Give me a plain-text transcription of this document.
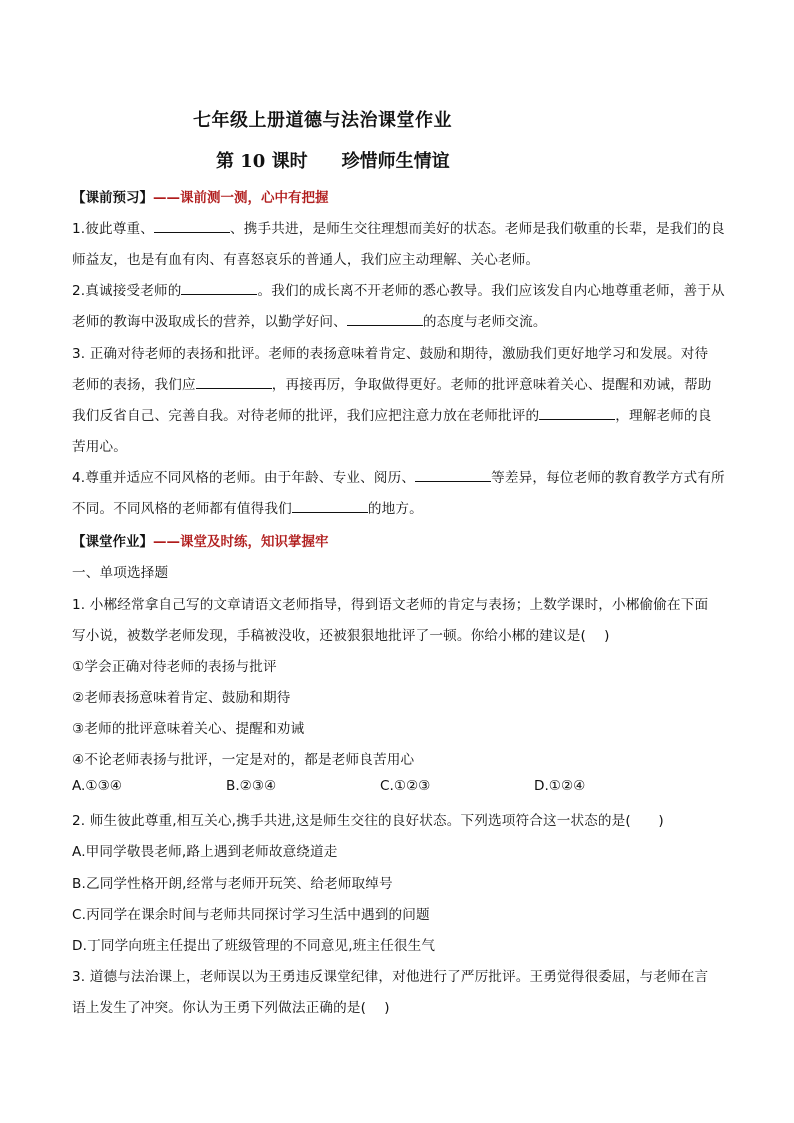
七年级上册道德与法治课堂作业
第 10 课时 珍惜师生情谊
【课前预习】——课前测一测，心中有把握
1.彼此尊重、	、携手共进，是师生交往理想而美好的状态。老师是我们敬重的长辈，是我们的良
师益友，也是有血有肉、有喜怒哀乐的普通人，我们应主动理解、关心老师。
2.真诚接受老师的	。我们的成长离不开老师的悉心教导。我们应该发自内心地尊重老师，善于从
老师的教诲中汲取成长的营养，以勤学好问、	的态度与老师交流。
3. 正确对待老师的表扬和批评。老师的表扬意味着肯定、鼓励和期待，激励我们更好地学习和发展。对待
老师的表扬，我们应	，再接再厉，争取做得更好。老师的批评意味着关心、提醒和劝诫，帮助
我们反省自己、完善自我。对待老师的批评，我们应把注意力放在老师批评的	，理解老师的良
苦用心。
4.尊重并适应不同风格的老师。由于年龄、专业、阅历、	等差异，每位老师的教育教学方式有所
不同。不同风格的老师都有值得我们	的地方。
【课堂作业】——课堂及时练，知识掌握牢
一、单项选择题
1. 小郴经常拿自己写的文章请语文老师指导，得到语文老师的肯定与表扬；上数学课时，小郴偷偷在下面
写小说，被数学老师发现，手稿被没收，还被狠狠地批评了一顿。你给小郴的建议是(　 )
①学会正确对待老师的表扬与批评
②老师表扬意味着肯定、鼓励和期待
③老师的批评意味着关心、提醒和劝诫
④不论老师表扬与批评，一定是对的，都是老师良苦用心
A.①③④	B.②③④	C.①②③	D.①②④
2. 师生彼此尊重,相互关心,携手共进,这是师生交往的良好状态。下列选项符合这一状态的是(　　)
A.甲同学敬畏老师,路上遇到老师故意绕道走
B.乙同学性格开朗,经常与老师开玩笑、给老师取绰号
C.丙同学在课余时间与老师共同探讨学习生活中遇到的问题
D.丁同学向班主任提出了班级管理的不同意见,班主任很生气
3. 道德与法治课上，老师误以为王勇违反课堂纪律，对他进行了严厉批评。王勇觉得很委屈，与老师在言
语上发生了冲突。你认为王勇下列做法正确的是(　 )
